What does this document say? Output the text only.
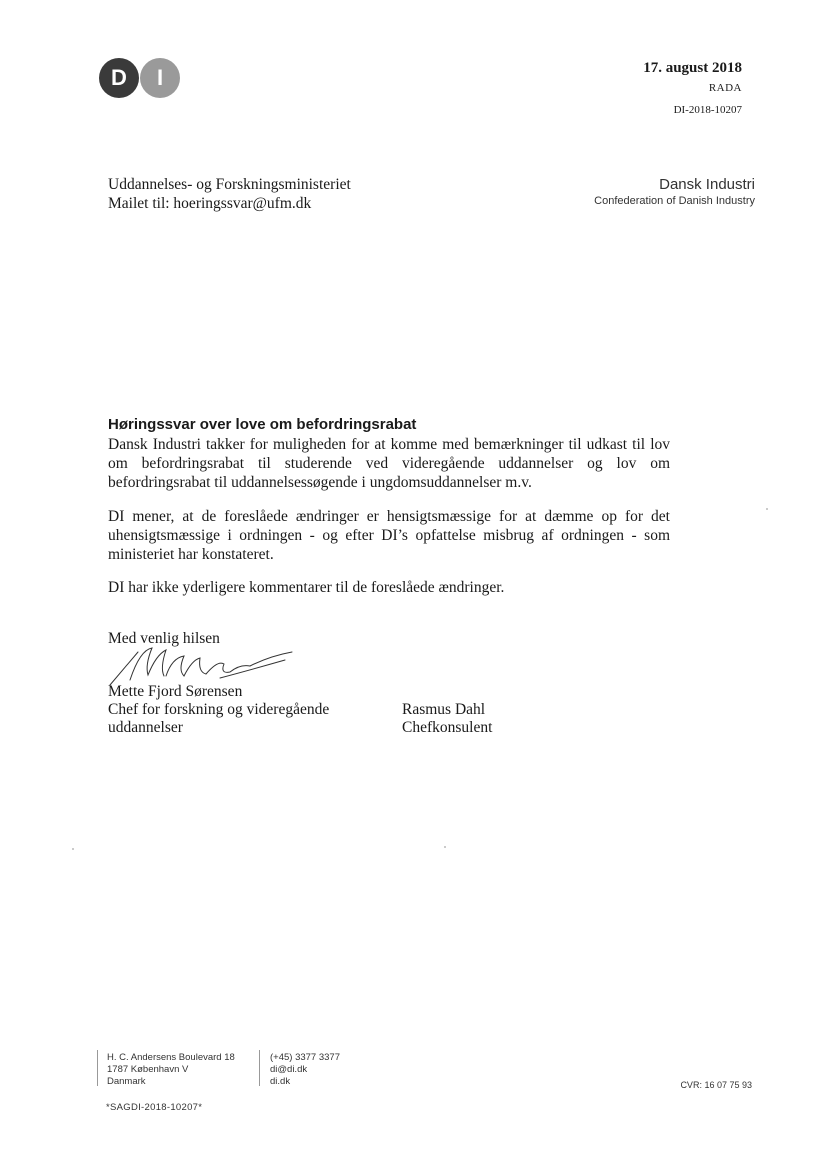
D	I	17. august 2018
RADA
DI-2018-10207
Uddannelses- og Forskningsministeriet
Mailet til: hoeringssvar@ufm.dk
Dansk Industri
Confederation of Danish Industry
Høringssvar over love om befordringsrabat
Dansk Industri takker for muligheden for at komme med bemærkninger til udkast til lov om befordringsrabat til studerende ved videregående uddannelser og lov om befordringsrabat til uddannelsessøgende i ungdomsuddannelser m.v.
DI mener, at de foreslåede ændringer er hensigtsmæssige for at dæmme op for det uhensigtsmæssige i ordningen - og efter DI’s opfattelse misbrug af ordningen - som ministeriet har konstateret.
DI har ikke yderligere kommentarer til de foreslåede ændringer.
Med venlig hilsen
Mette Fjord Sørensen
Chef for forskning og videregående
uddannelser
Rasmus Dahl
Chefkonsulent
H. C. Andersens Boulevard 18
1787 København V
Danmark
(+45) 3377 3377
di@di.dk
di.dk	CVR: 16 07 75 93
*SAGDI-2018-10207*
